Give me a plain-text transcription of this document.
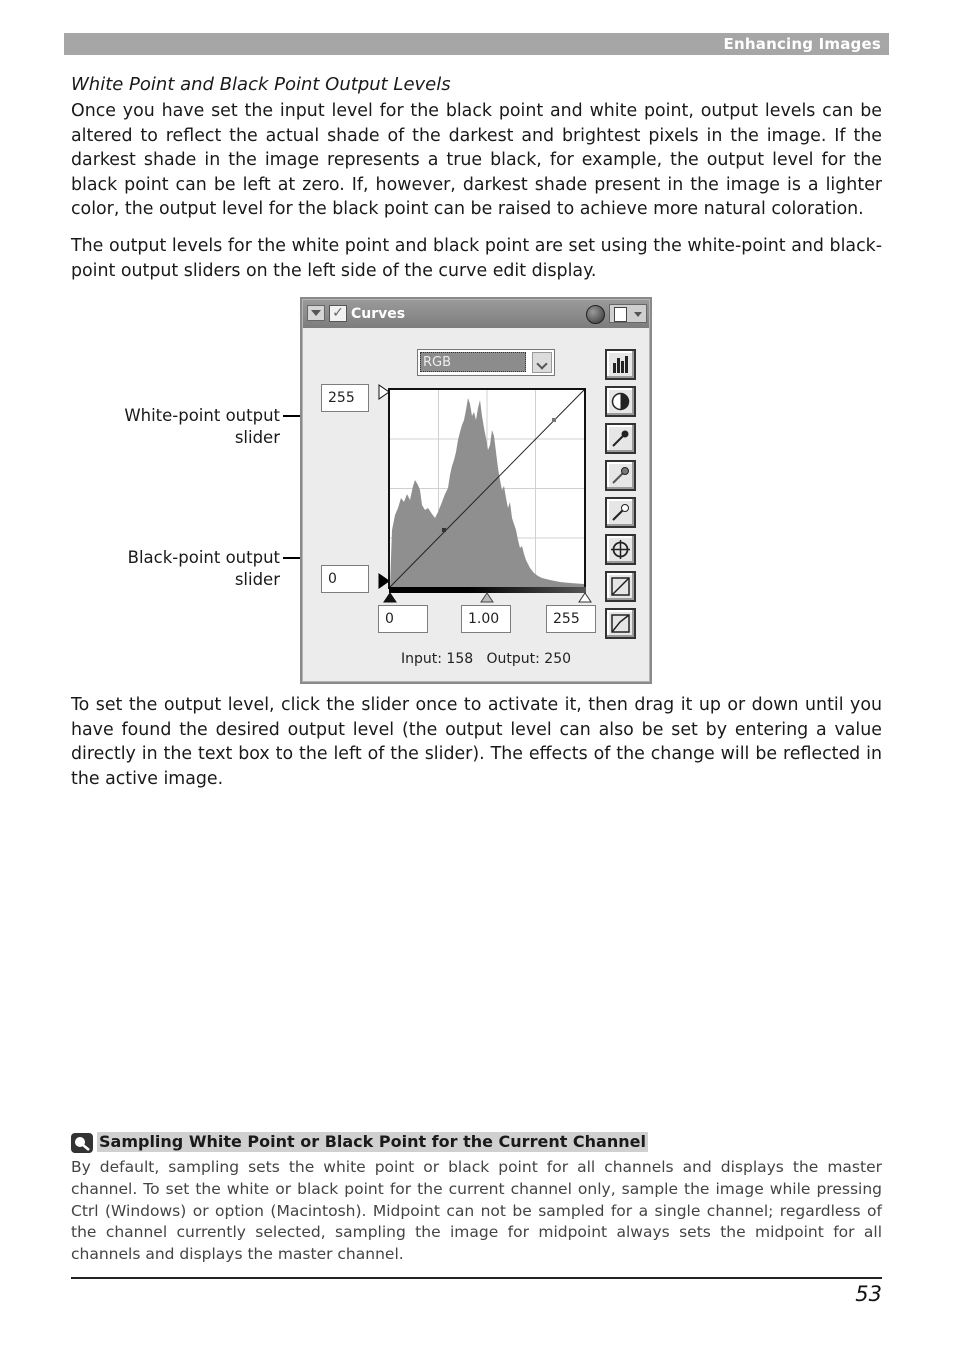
Enhancing Images
White Point and Black Point Output Levels

Once you have set the input level for the black point and white point, output levels can be altered to reflect the actual shade of the darkest and brightest pixels in the image. If the darkest shade in the image represents a true black, for example, the output level for the black point can be left at zero. If, however, darkest shade present in the image is a lighter color, the output level for the black point can be raised to achieve more natural coloration.

The output levels for the white point and black point are set using the white-point and black-point output sliders on the left side of the curve edit display.

White-point output
slider
Black-point output
slider
✓ Curves
RGB
255
0
0	1.00	255
Input: 158   Output: 250

To set the output level, click the slider once to activate it, then drag it up or down until you have found the desired output level (the output level can also be set by entering a value directly in the text box to the left of the slider). The effects of the change will be reflected in the active image.

Sampling White Point or Black Point for the Current Channel

By default, sampling sets the white point or black point for all channels and displays the master channel. To set the white or black point for the current channel only, sample the image while pressing Ctrl (Windows) or option (Macintosh). Midpoint can not be sampled for a single channel; regardless of the channel currently selected, sampling the image for midpoint always sets the midpoint for all channels and displays the master channel.

53
